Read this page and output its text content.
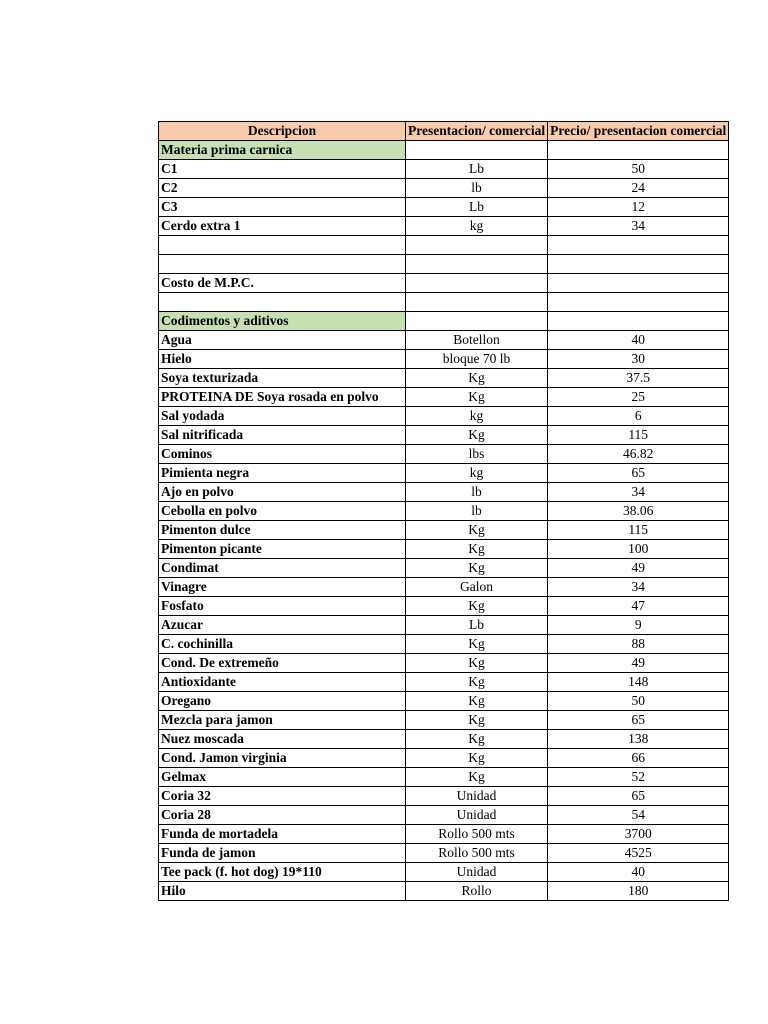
Descripcion	Presentacion/ comercial	Precio/ presentacion comercial
Materia prima carnica		
C1	Lb	50
C2	lb	24
C3	Lb	12
Cerdo extra 1	kg	34

Costo de M.P.C.		

Codimentos y aditivos		
Agua	Botellon	40
Hielo	bloque 70 lb	30
Soya texturizada	Kg	37.5
PROTEINA DE Soya rosada en polvo	Kg	25
Sal yodada	kg	6
Sal nitrificada	Kg	115
Cominos	lbs	46.82
Pimienta negra	kg	65
Ajo en polvo	lb	34
Cebolla en polvo	lb	38.06
Pimenton dulce	Kg	115
Pimenton picante	Kg	100
Condimat	Kg	49
Vinagre	Galon	34
Fosfato	Kg	47
Azucar	Lb	9
C. cochinilla	Kg	88
Cond. De extremeño	Kg	49
Antioxidante	Kg	148
Oregano	Kg	50
Mezcla para jamon	Kg	65
Nuez moscada	Kg	138
Cond. Jamon virginia	Kg	66
Gelmax	Kg	52
Coria 32	Unidad	65
Coria 28	Unidad	54
Funda de mortadela	Rollo 500 mts	3700
Funda de jamon	Rollo 500 mts	4525
Tee pack (f. hot dog) 19*110	Unidad	40
Hilo	Rollo	180
